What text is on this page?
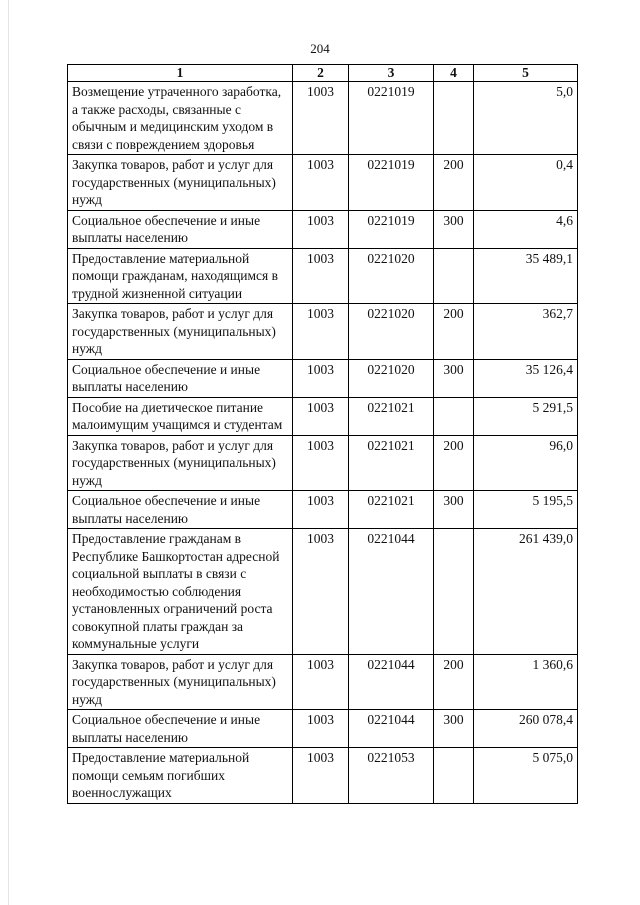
204
1	2	3	4	5
Возмещение утраченного заработка, а также расходы, связанные с обычным и медицинским уходом в связи с повреждением здоровья	1003	0221019		5,0
Закупка товаров, работ и услуг для государственных (муниципальных) нужд	1003	0221019	200	0,4
Социальное обеспечение и иные выплаты населению	1003	0221019	300	4,6
Предоставление материальной помощи гражданам, находящимся в трудной жизненной ситуации	1003	0221020		35 489,1
Закупка товаров, работ и услуг для государственных (муниципальных) нужд	1003	0221020	200	362,7
Социальное обеспечение и иные выплаты населению	1003	0221020	300	35 126,4
Пособие на диетическое питание малоимущим учащимся и студентам	1003	0221021		5 291,5
Закупка товаров, работ и услуг для государственных (муниципальных) нужд	1003	0221021	200	96,0
Социальное обеспечение и иные выплаты населению	1003	0221021	300	5 195,5
Предоставление гражданам в Республике Башкортостан адресной социальной выплаты в связи с необходимостью соблюдения установленных ограничений роста совокупной платы граждан за коммунальные услуги	1003	0221044		261 439,0
Закупка товаров, работ и услуг для государственных (муниципальных) нужд	1003	0221044	200	1 360,6
Социальное обеспечение и иные выплаты населению	1003	0221044	300	260 078,4
Предоставление материальной помощи семьям погибших военнослужащих	1003	0221053		5 075,0
